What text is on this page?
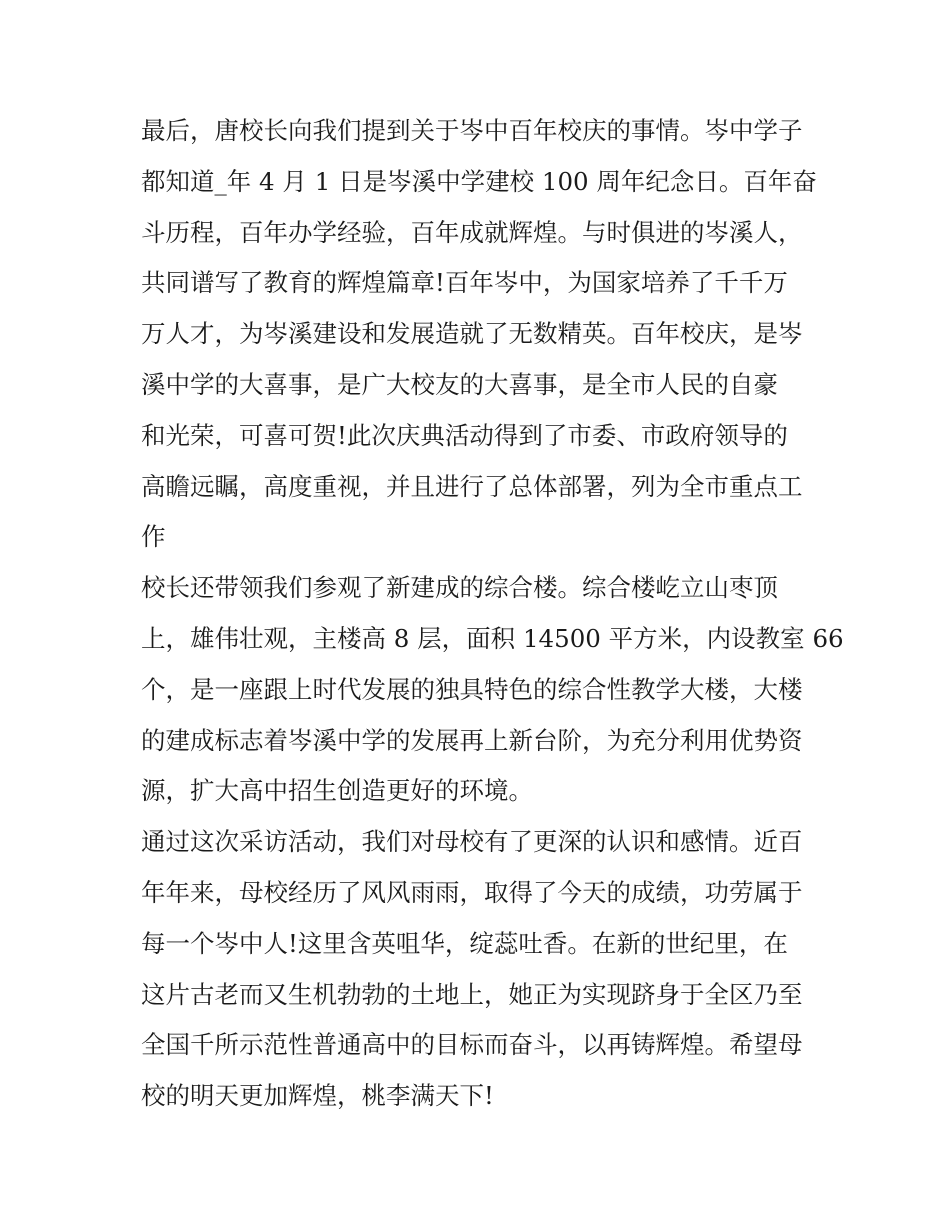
最后，唐校长向我们提到关于岑中百年校庆的事情。岑中学子
都知道_年 4 月 1 日是岑溪中学建校 100 周年纪念日。百年奋
斗历程，百年办学经验，百年成就辉煌。与时俱进的岑溪人，
共同谱写了教育的辉煌篇章!百年岑中，为国家培养了千千万
万人才，为岑溪建设和发展造就了无数精英。百年校庆，是岑
溪中学的大喜事，是广大校友的大喜事，是全市人民的自豪
和光荣，可喜可贺!此次庆典活动得到了市委、市政府领导的
高瞻远瞩，高度重视，并且进行了总体部署，列为全市重点工
作
校长还带领我们参观了新建成的综合楼。综合楼屹立山枣顶
上，雄伟壮观，主楼高 8 层，面积 14500 平方米，内设教室 66
个，是一座跟上时代发展的独具特色的综合性教学大楼，大楼
的建成标志着岑溪中学的发展再上新台阶，为充分利用优势资
源，扩大高中招生创造更好的环境。
通过这次采访活动，我们对母校有了更深的认识和感情。近百
年年来，母校经历了风风雨雨，取得了今天的成绩，功劳属于
每一个岑中人!这里含英咀华，绽蕊吐香。在新的世纪里，在
这片古老而又生机勃勃的土地上，她正为实现跻身于全区乃至
全国千所示范性普通高中的目标而奋斗，以再铸辉煌。希望母
校的明天更加辉煌，桃李满天下!
